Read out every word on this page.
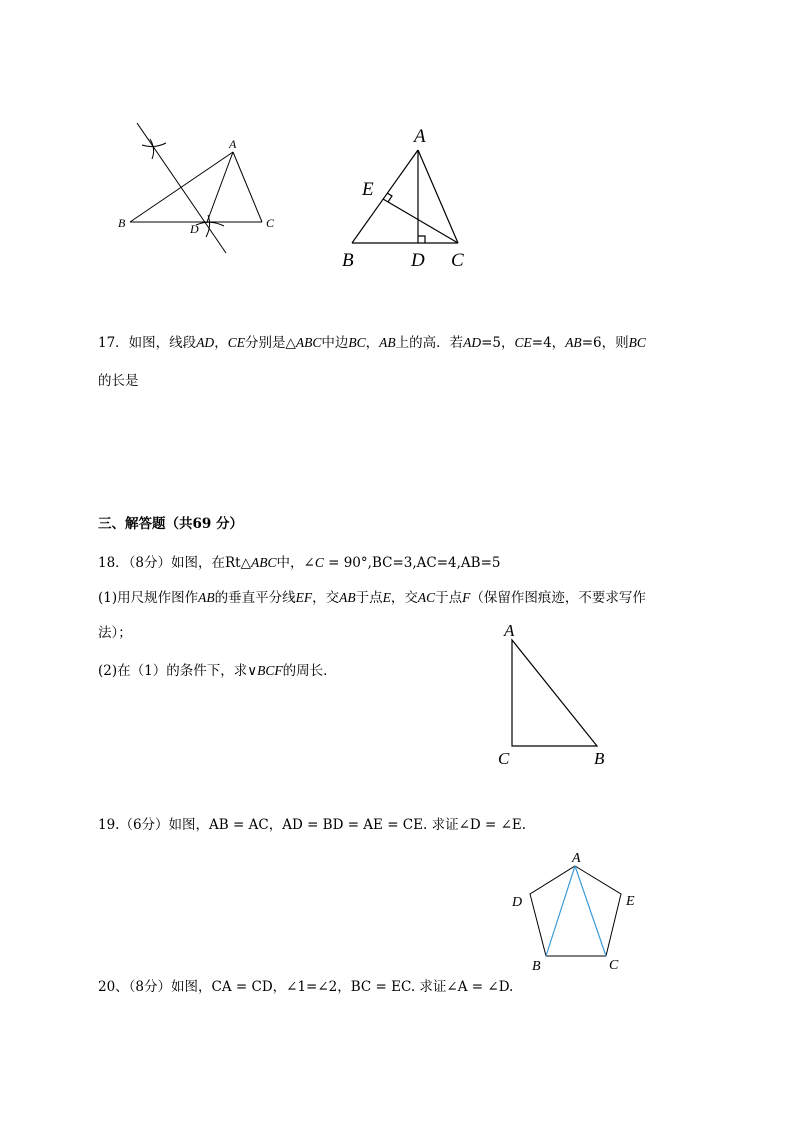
A
B	C
D
A
E
B	D C
17．如图，线段AD，CE分别是△ABC中边BC，AB上的高．若AD=5，CE=4，AB=6，则BC
的长是
三、解答题（共69 分）
18．（8分）如图，在Rt△ABC中，∠C = 90°,BC=3,AC=4,AB=5
(1)用尺规作图作AB的垂直平分线EF，交AB于点E，交AC于点F（保留作图痕迹，不要求写作
法）；
(2)在（1）的条件下，求∨BCF的周长．
A
C	B
19.（6分）如图，AB = AC，AD = BD = AE = CE. 求证∠D = ∠E.
A
D	E
B	C
20、（8分）如图，CA = CD，∠1=∠2，BC = EC. 求证∠A = ∠D.
